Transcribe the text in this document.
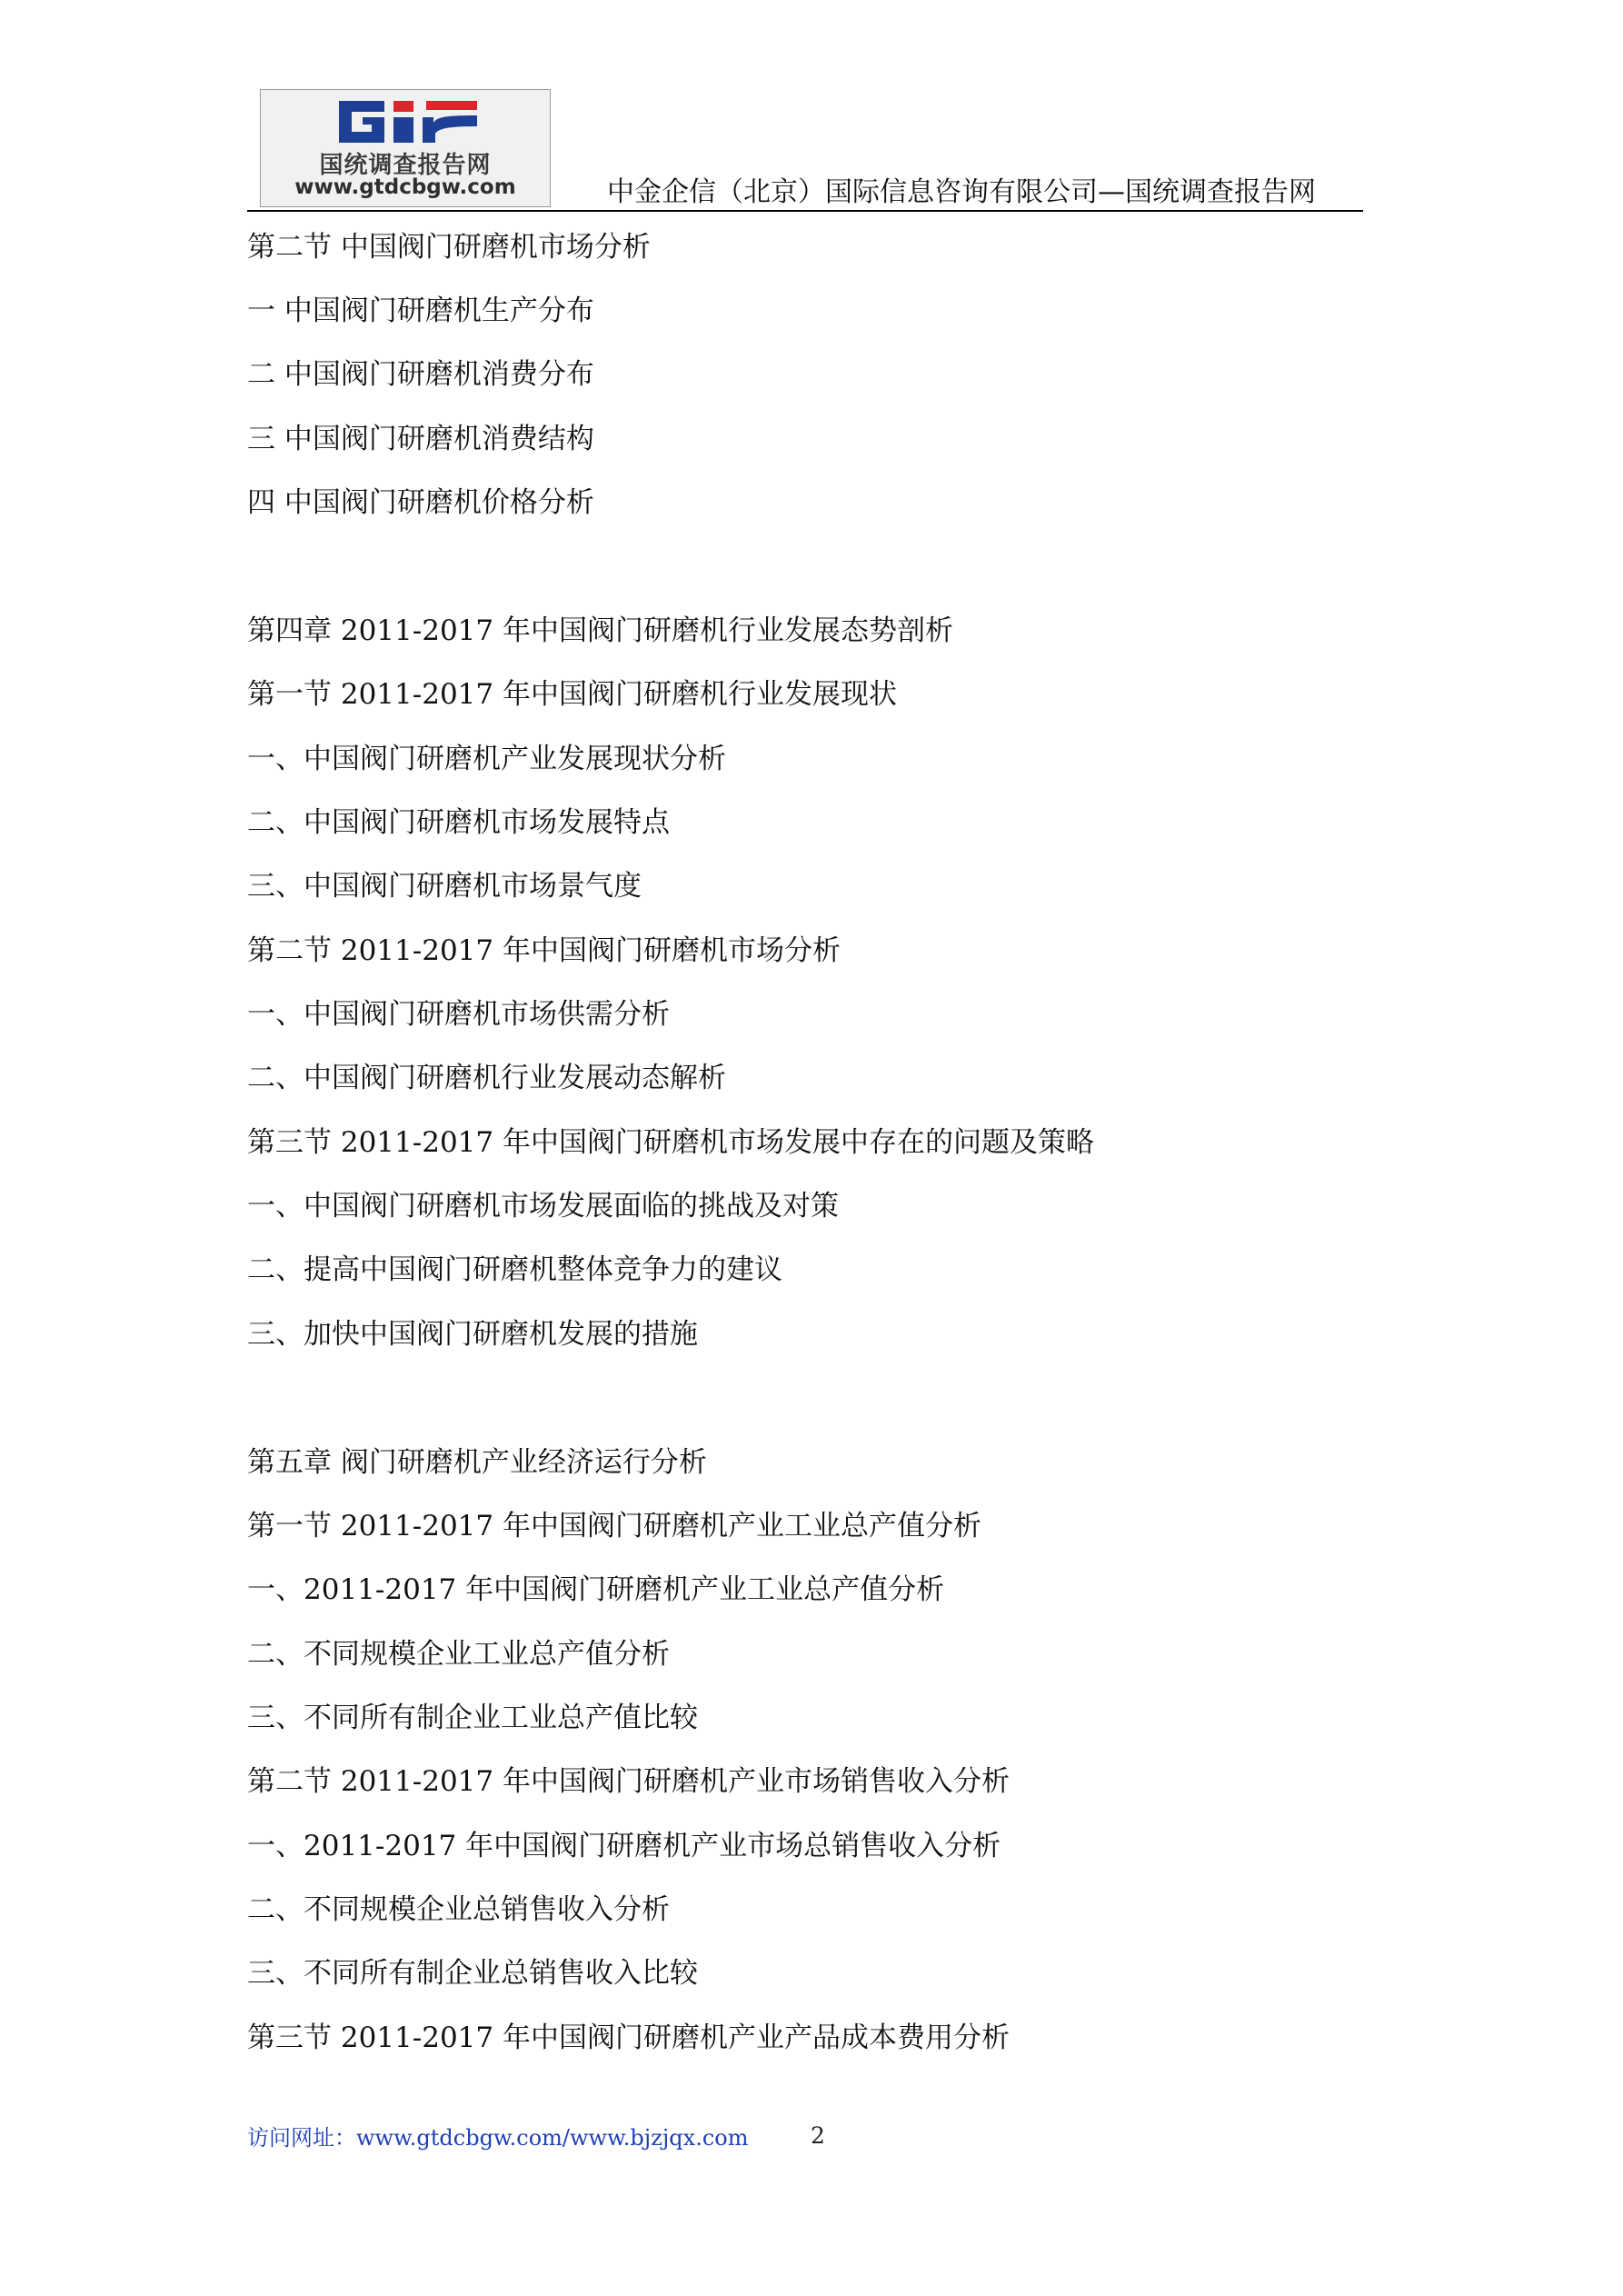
国统调查报告网
www.gtdcbgw.com	中金企信（北京）国际信息咨询有限公司—国统调查报告网
第二节 中国阀门研磨机市场分析
一 中国阀门研磨机生产分布
二 中国阀门研磨机消费分布
三 中国阀门研磨机消费结构
四 中国阀门研磨机价格分析
第四章 2011-2017 年中国阀门研磨机行业发展态势剖析
第一节 2011-2017 年中国阀门研磨机行业发展现状
一、中国阀门研磨机产业发展现状分析
二、中国阀门研磨机市场发展特点
三、中国阀门研磨机市场景气度
第二节 2011-2017 年中国阀门研磨机市场分析
一、中国阀门研磨机市场供需分析
二、中国阀门研磨机行业发展动态解析
第三节 2011-2017 年中国阀门研磨机市场发展中存在的问题及策略
一、中国阀门研磨机市场发展面临的挑战及对策
二、提高中国阀门研磨机整体竞争力的建议
三、加快中国阀门研磨机发展的措施
第五章 阀门研磨机产业经济运行分析
第一节 2011-2017 年中国阀门研磨机产业工业总产值分析
一、2011-2017 年中国阀门研磨机产业工业总产值分析
二、不同规模企业工业总产值分析
三、不同所有制企业工业总产值比较
第二节 2011-2017 年中国阀门研磨机产业市场销售收入分析
一、2011-2017 年中国阀门研磨机产业市场总销售收入分析
二、不同规模企业总销售收入分析
三、不同所有制企业总销售收入比较
第三节 2011-2017 年中国阀门研磨机产业产品成本费用分析
访问网址：www.gtdcbgw.com/www.bjzjqx.com	2
